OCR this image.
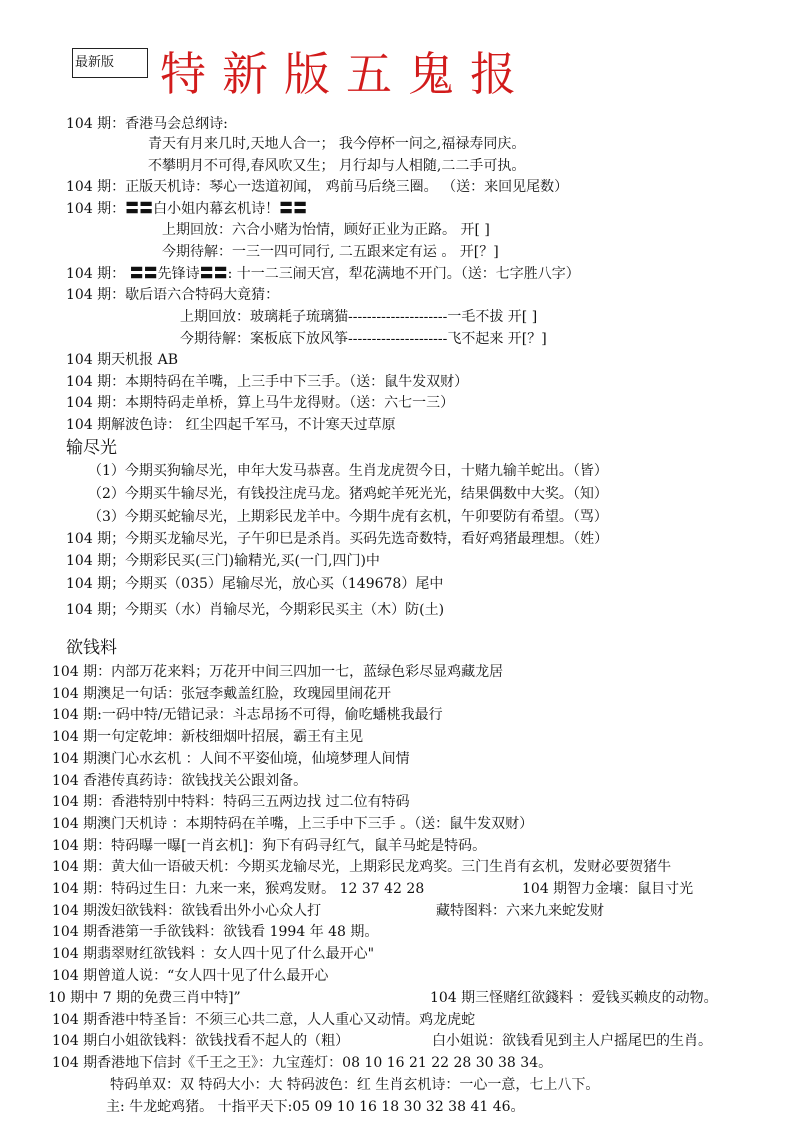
最新版 特新版五鬼报
104 期：香港马会总纲诗:
青天有月来几时,天地人合一； 我今停杯一问之,福禄寿同庆。
不攀明月不可得,春风吹又生； 月行却与人相随,二二手可执。
104 期：正版天机诗：琴心一迭道初闻， 鸡前马后绕三圈。 （送：来回见尾数）
104 期：〓〓白小姐内幕玄机诗！〓〓
上期回放：六合小赌为怡情，顾好正业为正路。 开[ ]
今期待解：一三一四可同行, 二五跟来定有运 。 开[？]
104 期： 〓〓先锋诗〓〓: 十一二三闹天宫，犁花满地不开门。（送：七字胜八字）
104 期：歇后语六合特码大竟猜：
上期回放：玻璃耗子琉璃猫---------------------一毛不拔 开[ ]
今期待解：案板底下放风筝---------------------飞不起来 开[？]
104 期天机报 AB
104 期：本期特码在羊嘴，上三手中下三手。（送：鼠牛发双财）
104 期：本期特码走单桥，算上马牛龙得财。（送：六七一三）
104 期解波色诗： 红尘四起千军马，不计寒天过草原
输尽光
（1）今期买狗输尽光，申年大发马恭喜。生肖龙虎贺今日，十赌九输羊蛇出。（皆）
（2）今期买牛输尽光，有钱投注虎马龙。猪鸡蛇羊死光光，结果偶数中大奖。（知）
（3）今期买蛇输尽光，上期彩民龙羊中。今期牛虎有玄机，午卯要防有希望。（骂）
104 期；今期买龙输尽光，子午卯巳是杀肖。买码先选奇数特，看好鸡猪最理想。（姓）
104 期；今期彩民买(三门)输精光,买(一门,四门)中
104 期；今期买（035）尾输尽光，放心买（149678）尾中
104 期；今期买（水）肖输尽光，今期彩民买主（木）防(土)
欲钱料
104 期：内部万花来料；万花开中间三四加一七，蓝绿色彩尽显鸡藏龙居
104 期澳足一句话：张冠李戴盖红脸，玫瑰园里闹花开
104 期:一码中特/无错记录：斗志昂扬不可得，偷吃蟠桃我最行
104 期一句定乾坤：新枝细烟叶招展，霸王有主见
104 期澳门心水玄机 ：人间不平姿仙境，仙境梦理人间情
104 香港传真药诗：欲钱找关公跟刘备。
104 期：香港特别中特料：特码三五两边找 过二位有特码
104 期澳门天机诗 ：本期特码在羊嘴，上三手中下三手 。（送：鼠牛发双财）
104 期：特码曝一曝[一肖玄机]：狗下有码寻红气，鼠羊马蛇是特码。
104 期：黄大仙一语破天机：今期买龙输尽光，上期彩民龙鸡奖。三门生肖有玄机，发财必要贺猪牛
104 期：特码过生日：九来一来，猴鸡发财。 12 37 42 28	104 期智力金壤：鼠目寸光
104 期泼妇欲钱料：欲钱看出外小心众人打	藏特图料：六来九来蛇发财
104 期香港第一手欲钱料：欲钱看 1994 年 48 期。
104 期翡翠财红欲钱料 ：女人四十见了什么最开心"
104 期曾道人说：“女人四十见了什么最开心
10 期中 7 期的免费三肖中特]”	104 期三怪赌红欲錢料 ：爱钱买赖皮的动物。
104 期香港中特圣旨：不须三心共二意，人人重心又动情。鸡龙虎蛇
104 期白小姐欲钱料：欲钱找看不起人的（粗）	白小姐说：欲钱看见到主人户摇尾巴的生肖。
104 期香港地下信封《千王之王》：九宝莲灯：08 10 16 21 22 28 30 38 34。
特码单双：双 特码大小：大 特码波色：红 生肖玄机诗：一心一意，七上八下。
主: 牛龙蛇鸡猪。 十指平天下:05 09 10 16 18 30 32 38 41 46。
